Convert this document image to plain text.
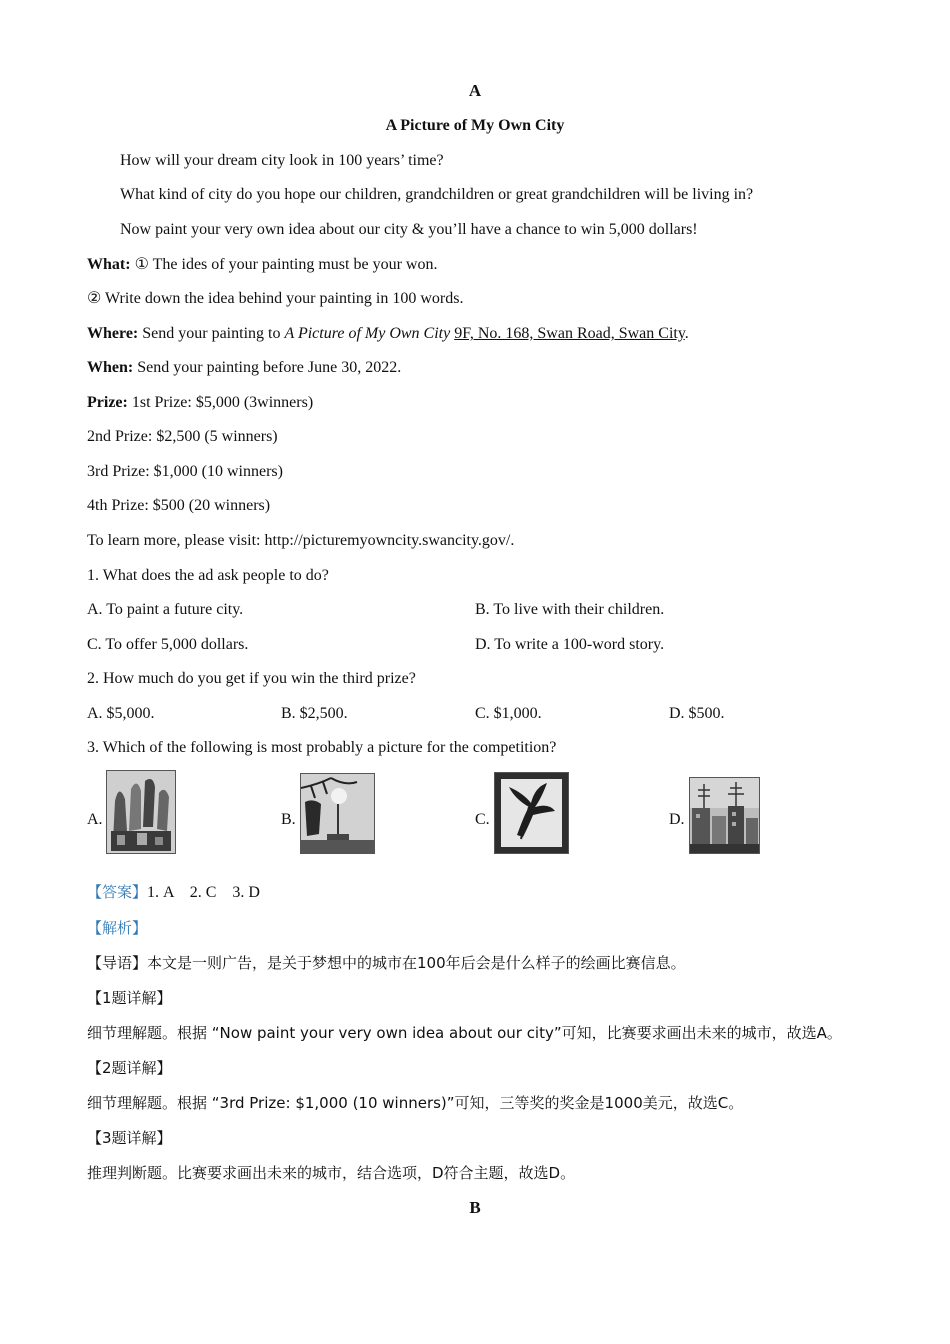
A
A Picture of My Own City
How will your dream city look in 100 years’ time?
What kind of city do you hope our children, grandchildren or great grandchildren will be living in?
Now paint your very own idea about our city & you’ll have a chance to win 5,000 dollars!
What: ① The ides of your painting must be your won.
② Write down the idea behind your painting in 100 words.
Where: Send your painting to A Picture of My Own City 9F, No. 168, Swan Road, Swan City.
When: Send your painting before June 30, 2022.
Prize: 1st Prize: $5,000 (3winners)
2nd Prize: $2,500 (5 winners)
3rd Prize: $1,000 (10 winners)
4th Prize: $500 (20 winners)
To learn more, please visit: http://picturemyowncity.swancity.gov/.
1. What does the ad ask people to do?
A. To paint a future city.	B. To live with their children.
C. To offer 5,000 dollars.	D. To write a 100-word story.
2. How much do you get if you win the third prize?
A. $5,000.	B. $2,500.	C. $1,000.	D. $500.
3. Which of the following is most probably a picture for the competition?
A.	B.	C.	D.
【答案】1. A    2. C    3. D
【解析】
【导语】本文是一则广告，是关于梦想中的城市在100年后会是什么样子的绘画比赛信息。
【1题详解】
细节理解题。根据 “Now paint your very own idea about our city”可知，比赛要求画出未来的城市，故选A。
【2题详解】
细节理解题。根据 “3rd Prize: $1,000 (10 winners)”可知，三等奖的奖金是1000美元，故选C。
【3题详解】
推理判断题。比赛要求画出未来的城市，结合选项，D符合主题，故选D。
B
